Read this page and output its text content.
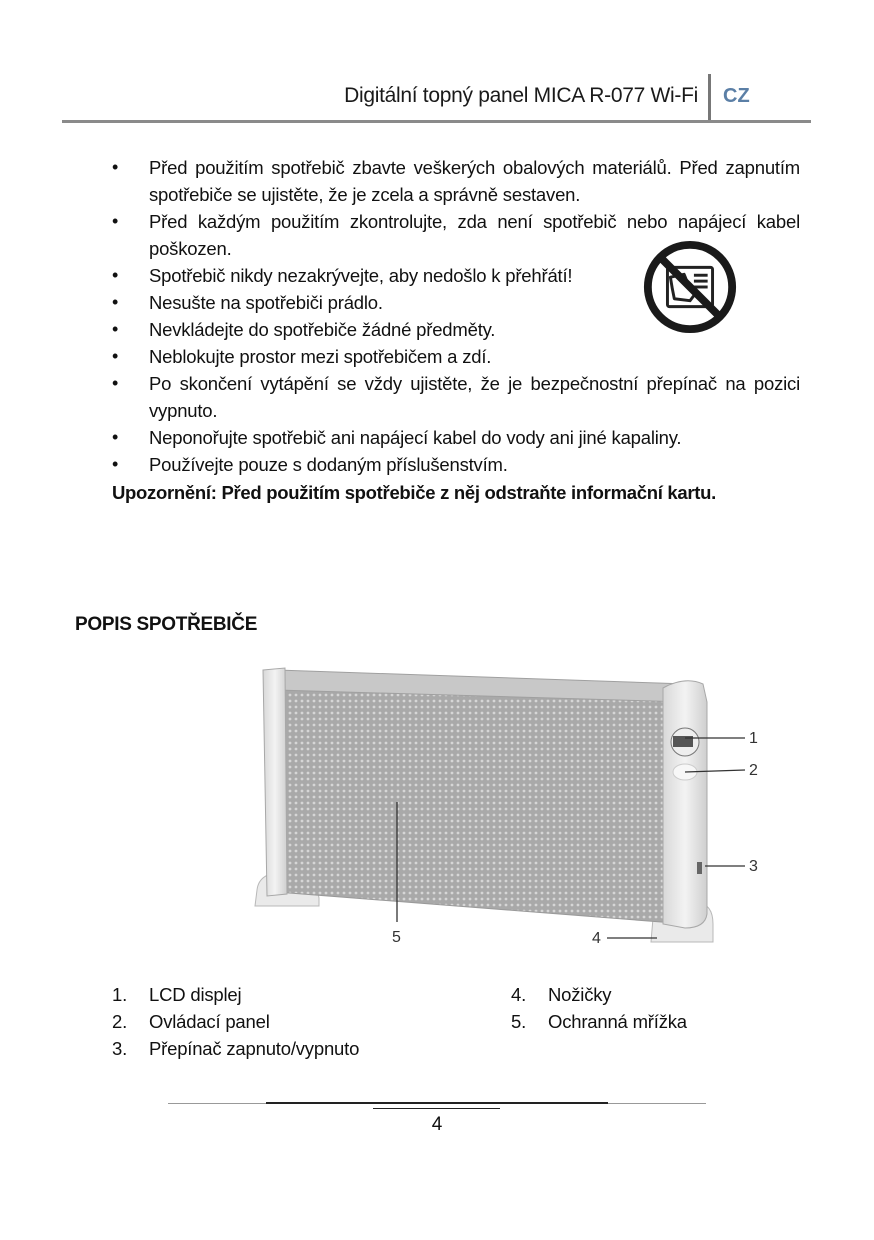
Digitální topný panel MICA R-077 Wi-Fi CZ
• Před použitím spotřebič zbavte veškerých obalových materiálů. Před zapnutím spotřebiče se ujistěte, že je zcela a správně sestaven.
• Před každým použitím zkontrolujte, zda není spotřebič nebo napájecí kabel poškozen.
• Spotřebič nikdy nezakrývejte, aby nedošlo k přehřátí!
• Nesušte na spotřebiči prádlo.
• Nevkládejte do spotřebiče žádné předměty.
• Neblokujte prostor mezi spotřebičem a zdí.
• Po skončení vytápění se vždy ujistěte, že je bezpečnostní přepínač na pozici vypnuto.
• Neponořujte spotřebič ani napájecí kabel do vody ani jiné kapaliny.
• Používejte pouze s dodaným příslušenstvím.
Upozornění: Před použitím spotřebiče z něj odstraňte informační kartu.
POPIS SPOTŘEBIČE
1
2
3
4
5
1. LCD displej
2. Ovládací panel
3. Přepínač zapnuto/vypnuto
4. Nožičky
5. Ochranná mřížka
4
